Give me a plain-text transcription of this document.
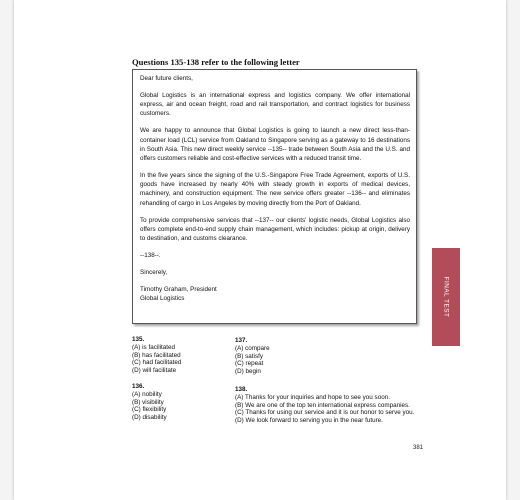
Questions 135-138 refer to the following letter

Dear future clients,

Global Logistics is an international express and logistics company. We offer international express, air and ocean freight, road and rail transportation, and contract logistics for business customers.

We are happy to announce that Global Logistics is going to launch a new direct less-than-container load (LCL) service from Oakland to Singapore serving as a gateway to 16 destinations in South Asia. This new direct weekly service --135-- trade between South Asia and the U.S. and offers customers reliable and cost-effective services with a reduced transit time.

In the five years since the signing of the U.S.-Singapore Free Trade Agreement, exports of U.S. goods have increased by nearly 40% with steady growth in exports of medical devices, machinery, and construction equipment. The new service offers greater --136-- and eliminates rehandling of cargo in Los Angeles by moving directly from the Port of Oakland.

To provide comprehensive services that --137-- our clients' logistic needs, Global Logistics also offers complete end-to-end supply chain management, which includes: pickup at origin, delivery to destination, and customs clearance.

--138--.

Sincerely,

Timothy Graham, President

Global Logistics

135.
(A) is facilitated
(B) has facilitated
(C) had facilitated
(D) will facilitate
136.
(A) nobility
(B) visibility
(C) flexibility
(D) disability
137.
(A) compare
(B) satisfy
(C) repeat
(D) begin
138.
(A) Thanks for your inquiries and hope to see you soon.
(B) We are one of the top ten international express companies.
(C) Thanks for using our service and it is our honor to serve you.
(D) We look forward to serving you in the near future.
FINAL TEST
381
